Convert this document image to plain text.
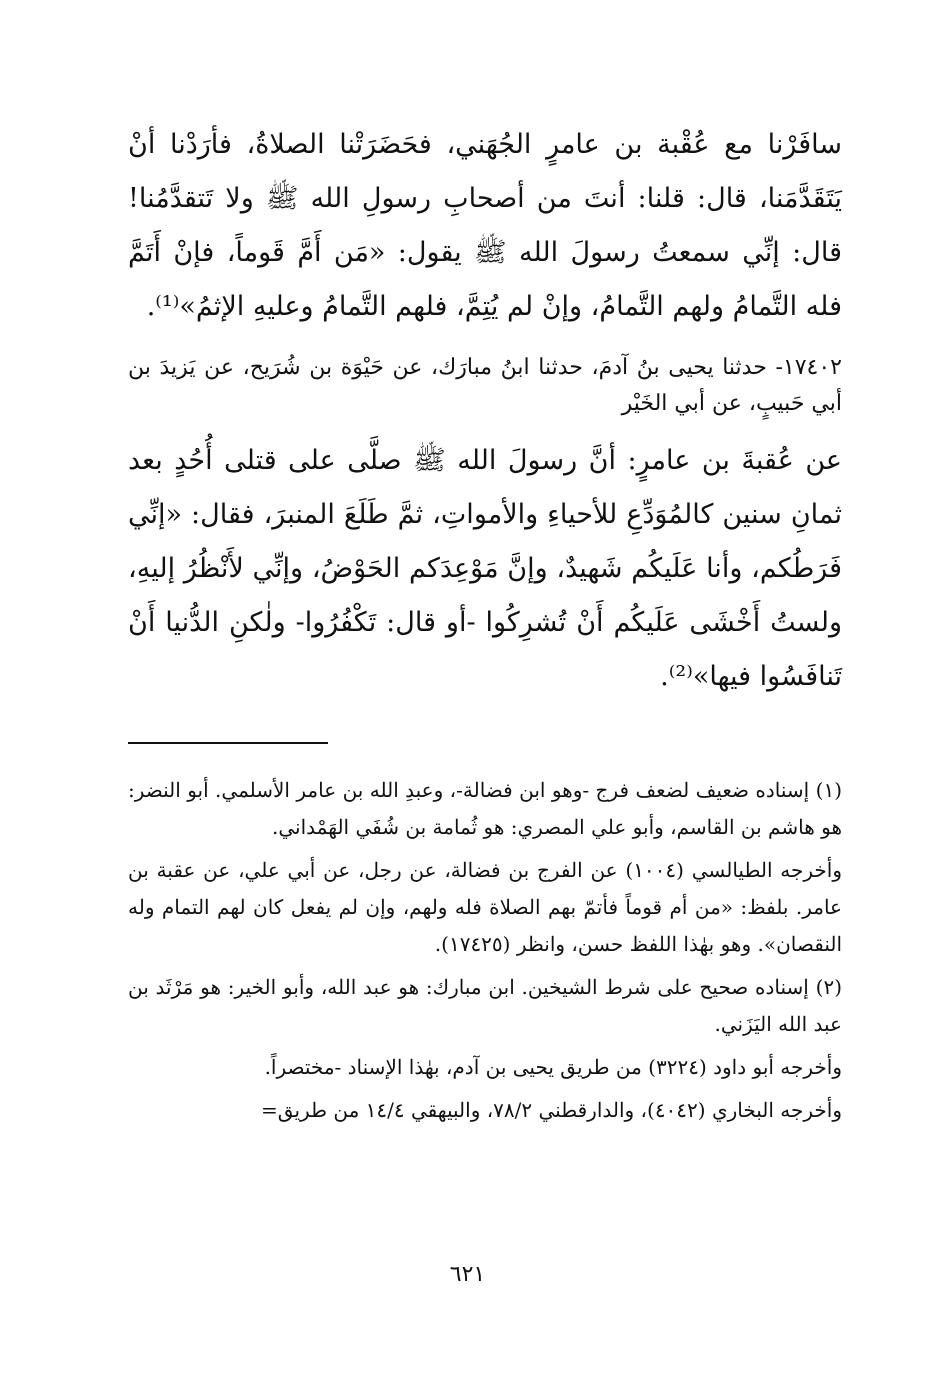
سافَرْنا مع عُقْبة بن عامرٍ الجُهَني، فحَضَرَتْنا الصلاةُ، فأرَدْنا أنْ يَتَقَدَّمَنا، قال: قلنا: أنتَ من أصحابِ رسولِ الله ﷺ ولا تَتقدَّمُنا! قال: إنِّي سمعتُ رسولَ الله ﷺ يقول: «مَن أَمَّ قَوماً، فإنْ أَتَمَّ فله التَّمامُ ولهم التَّمامُ، وإنْ لم يُتِمَّ، فلهم التَّمامُ وعليهِ الإثمُ»⁽¹⁾.

١٧٤٠٢- حدثنا يحيى بنُ آدمَ، حدثنا ابنُ مبارَك، عن حَيْوَة بن شُرَيح، عن يَزيدَ بن أبي حَبيبٍ، عن أبي الخَيْر

عن عُقبةَ بن عامرٍ: أنَّ رسولَ الله ﷺ صلَّى على قتلى أُحُدٍ بعد ثمانِ سنين كالمُوَدِّعِ للأحياءِ والأمواتِ، ثمَّ طَلَعَ المنبرَ، فقال: «إنِّي فَرَطُكم، وأنا عَلَيكُم شَهيدٌ، وإنَّ مَوْعِدَكم الحَوْضُ، وإنِّي لأَنْظُرُ إليهِ، ولستُ أَخْشَى عَلَيكُم أَنْ تُشرِكُوا -أو قال: تَكْفُرُوا- ولٰكنِ الدُّنيا أَنْ تَنافَسُوا فيها»⁽²⁾.

(١) إسناده ضعيف لضعف فرج -وهو ابن فضالة-، وعبدِ الله بن عامر الأسلمي. أبو النضر: هو هاشم بن القاسم، وأبو علي المصري: هو ثُمامة بن شُفَي الهَمْداني.

وأخرجه الطيالسي (١٠٠٤) عن الفرج بن فضالة، عن رجل، عن أبي علي، عن عقبة بن عامر. بلفظ: «من أم قوماً فأتمّ بهم الصلاة فله ولهم، وإن لم يفعل كان لهم التمام وله النقصان». وهو بهٰذا اللفظ حسن، وانظر (١٧٤٢٥).

(٢) إسناده صحيح على شرط الشيخين. ابن مبارك: هو عبد الله، وأبو الخير: هو مَرْثَد بن عبد الله اليَزَني.

وأخرجه أبو داود (٣٢٢٤) من طريق يحيى بن آدم، بهٰذا الإسناد -مختصراً.

وأخرجه البخاري (٤٠٤٢)، والدارقطني ٧٨/٢، والبيهقي ١٤/٤ من طريق=

٦٢١
